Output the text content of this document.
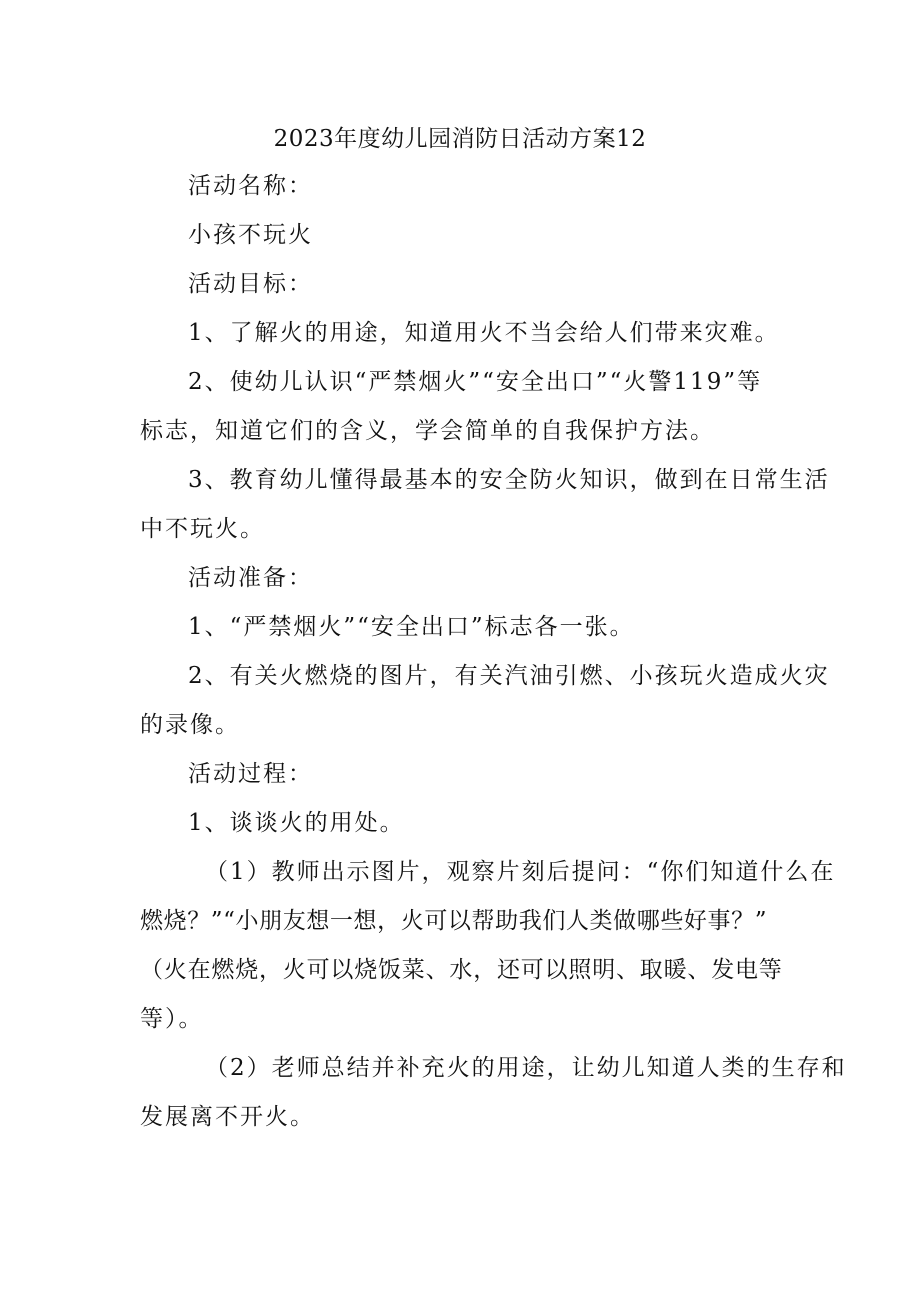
2023年度幼儿园消防日活动方案12
活动名称：
小孩不玩火
活动目标：
1、了解火的用途，知道用火不当会给人们带来灾难。
2、使幼儿认识“严禁烟火”“安全出口”“火警119”等
标志，知道它们的含义，学会简单的自我保护方法。
3、教育幼儿懂得最基本的安全防火知识，做到在日常生活
中不玩火。
活动准备：
1、“严禁烟火”“安全出口”标志各一张。
2、有关火燃烧的图片，有关汽油引燃、小孩玩火造成火灾
的录像。
活动过程：
1、谈谈火的用处。
（1）教师出示图片，观察片刻后提问：“你们知道什么在
燃烧？”“小朋友想一想，火可以帮助我们人类做哪些好事？”
（火在燃烧，火可以烧饭菜、水，还可以照明、取暖、发电等
等）。
（2）老师总结并补充火的用途，让幼儿知道人类的生存和
发展离不开火。
